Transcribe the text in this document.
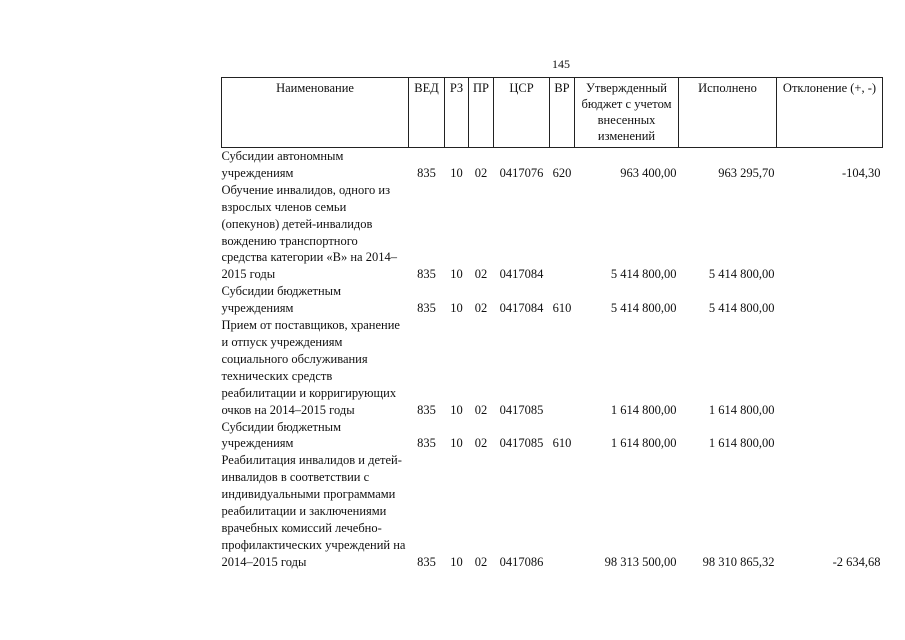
145
Наименование	ВЕД	РЗ	ПР	ЦСР	ВР	Утвержденный бюджет с учетом внесенных изменений	Исполнено	Отклонение (+, -)
Субсидии автономным учреждениям	835	10	02	0417076	620	963 400,00	963 295,70	-104,30
Обучение инвалидов, одного из взрослых членов семьи (опекунов) детей-инвалидов вождению транспортного средства категории «В» на 2014–2015 годы	835	10	02	0417084		5 414 800,00	5 414 800,00	
Субсидии бюджетным учреждениям	835	10	02	0417084	610	5 414 800,00	5 414 800,00	
Прием от поставщиков, хранение и отпуск учреждениям социального обслуживания технических средств реабилитации и корригирующих очков на 2014–2015 годы	835	10	02	0417085		1 614 800,00	1 614 800,00	
Субсидии бюджетным учреждениям	835	10	02	0417085	610	1 614 800,00	1 614 800,00	
Реабилитация инвалидов и детей-инвалидов в соответствии с индивидуальными программами реабилитации и заключениями врачебных комиссий лечебно-профилактических учреждений на 2014–2015 годы	835	10	02	0417086		98 313 500,00	98 310 865,32	-2 634,68
